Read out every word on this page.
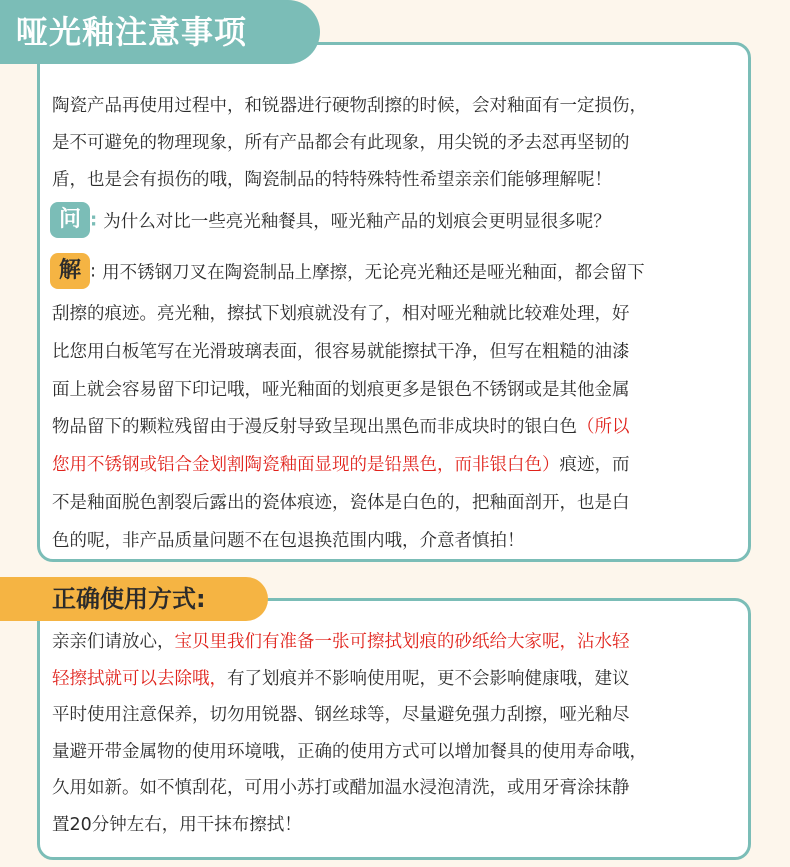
哑光釉注意事项
陶瓷产品再使用过程中，和锐器进行硬物刮擦的时候，会对釉面有一定损伤，
是不可避免的物理现象，所有产品都会有此现象，用尖锐的矛去怼再坚韧的
盾，也是会有损伤的哦，陶瓷制品的特特殊特性希望亲亲们能够理解呢！
问 : 为什么对比一些亮光釉餐具，哑光釉产品的划痕会更明显很多呢？
解 : 用不锈钢刀叉在陶瓷制品上摩擦，无论亮光釉还是哑光釉面，都会留下
刮擦的痕迹。亮光釉，擦拭下划痕就没有了，相对哑光釉就比较难处理，好
比您用白板笔写在光滑玻璃表面，很容易就能擦拭干净，但写在粗糙的油漆
面上就会容易留下印记哦，哑光釉面的划痕更多是银色不锈钢或是其他金属
物品留下的颗粒残留由于漫反射导致呈现出黑色而非成块时的银白色（所以
您用不锈钢或铝合金划割陶瓷釉面显现的是铅黑色，而非银白色）痕迹，而
不是釉面脱色割裂后露出的瓷体痕迹，瓷体是白色的，把釉面剖开，也是白
色的呢，非产品质量问题不在包退换范围内哦，介意者慎拍！
正确使用方式:
亲亲们请放心，宝贝里我们有准备一张可擦拭划痕的砂纸给大家呢，沾水轻
轻擦拭就可以去除哦，有了划痕并不影响使用呢，更不会影响健康哦，建议
平时使用注意保养，切勿用锐器、钢丝球等，尽量避免强力刮擦，哑光釉尽
量避开带金属物的使用环境哦，正确的使用方式可以增加餐具的使用寿命哦，
久用如新。如不慎刮花，可用小苏打或醋加温水浸泡清洗，或用牙膏涂抹静
置20分钟左右，用干抹布擦拭！
